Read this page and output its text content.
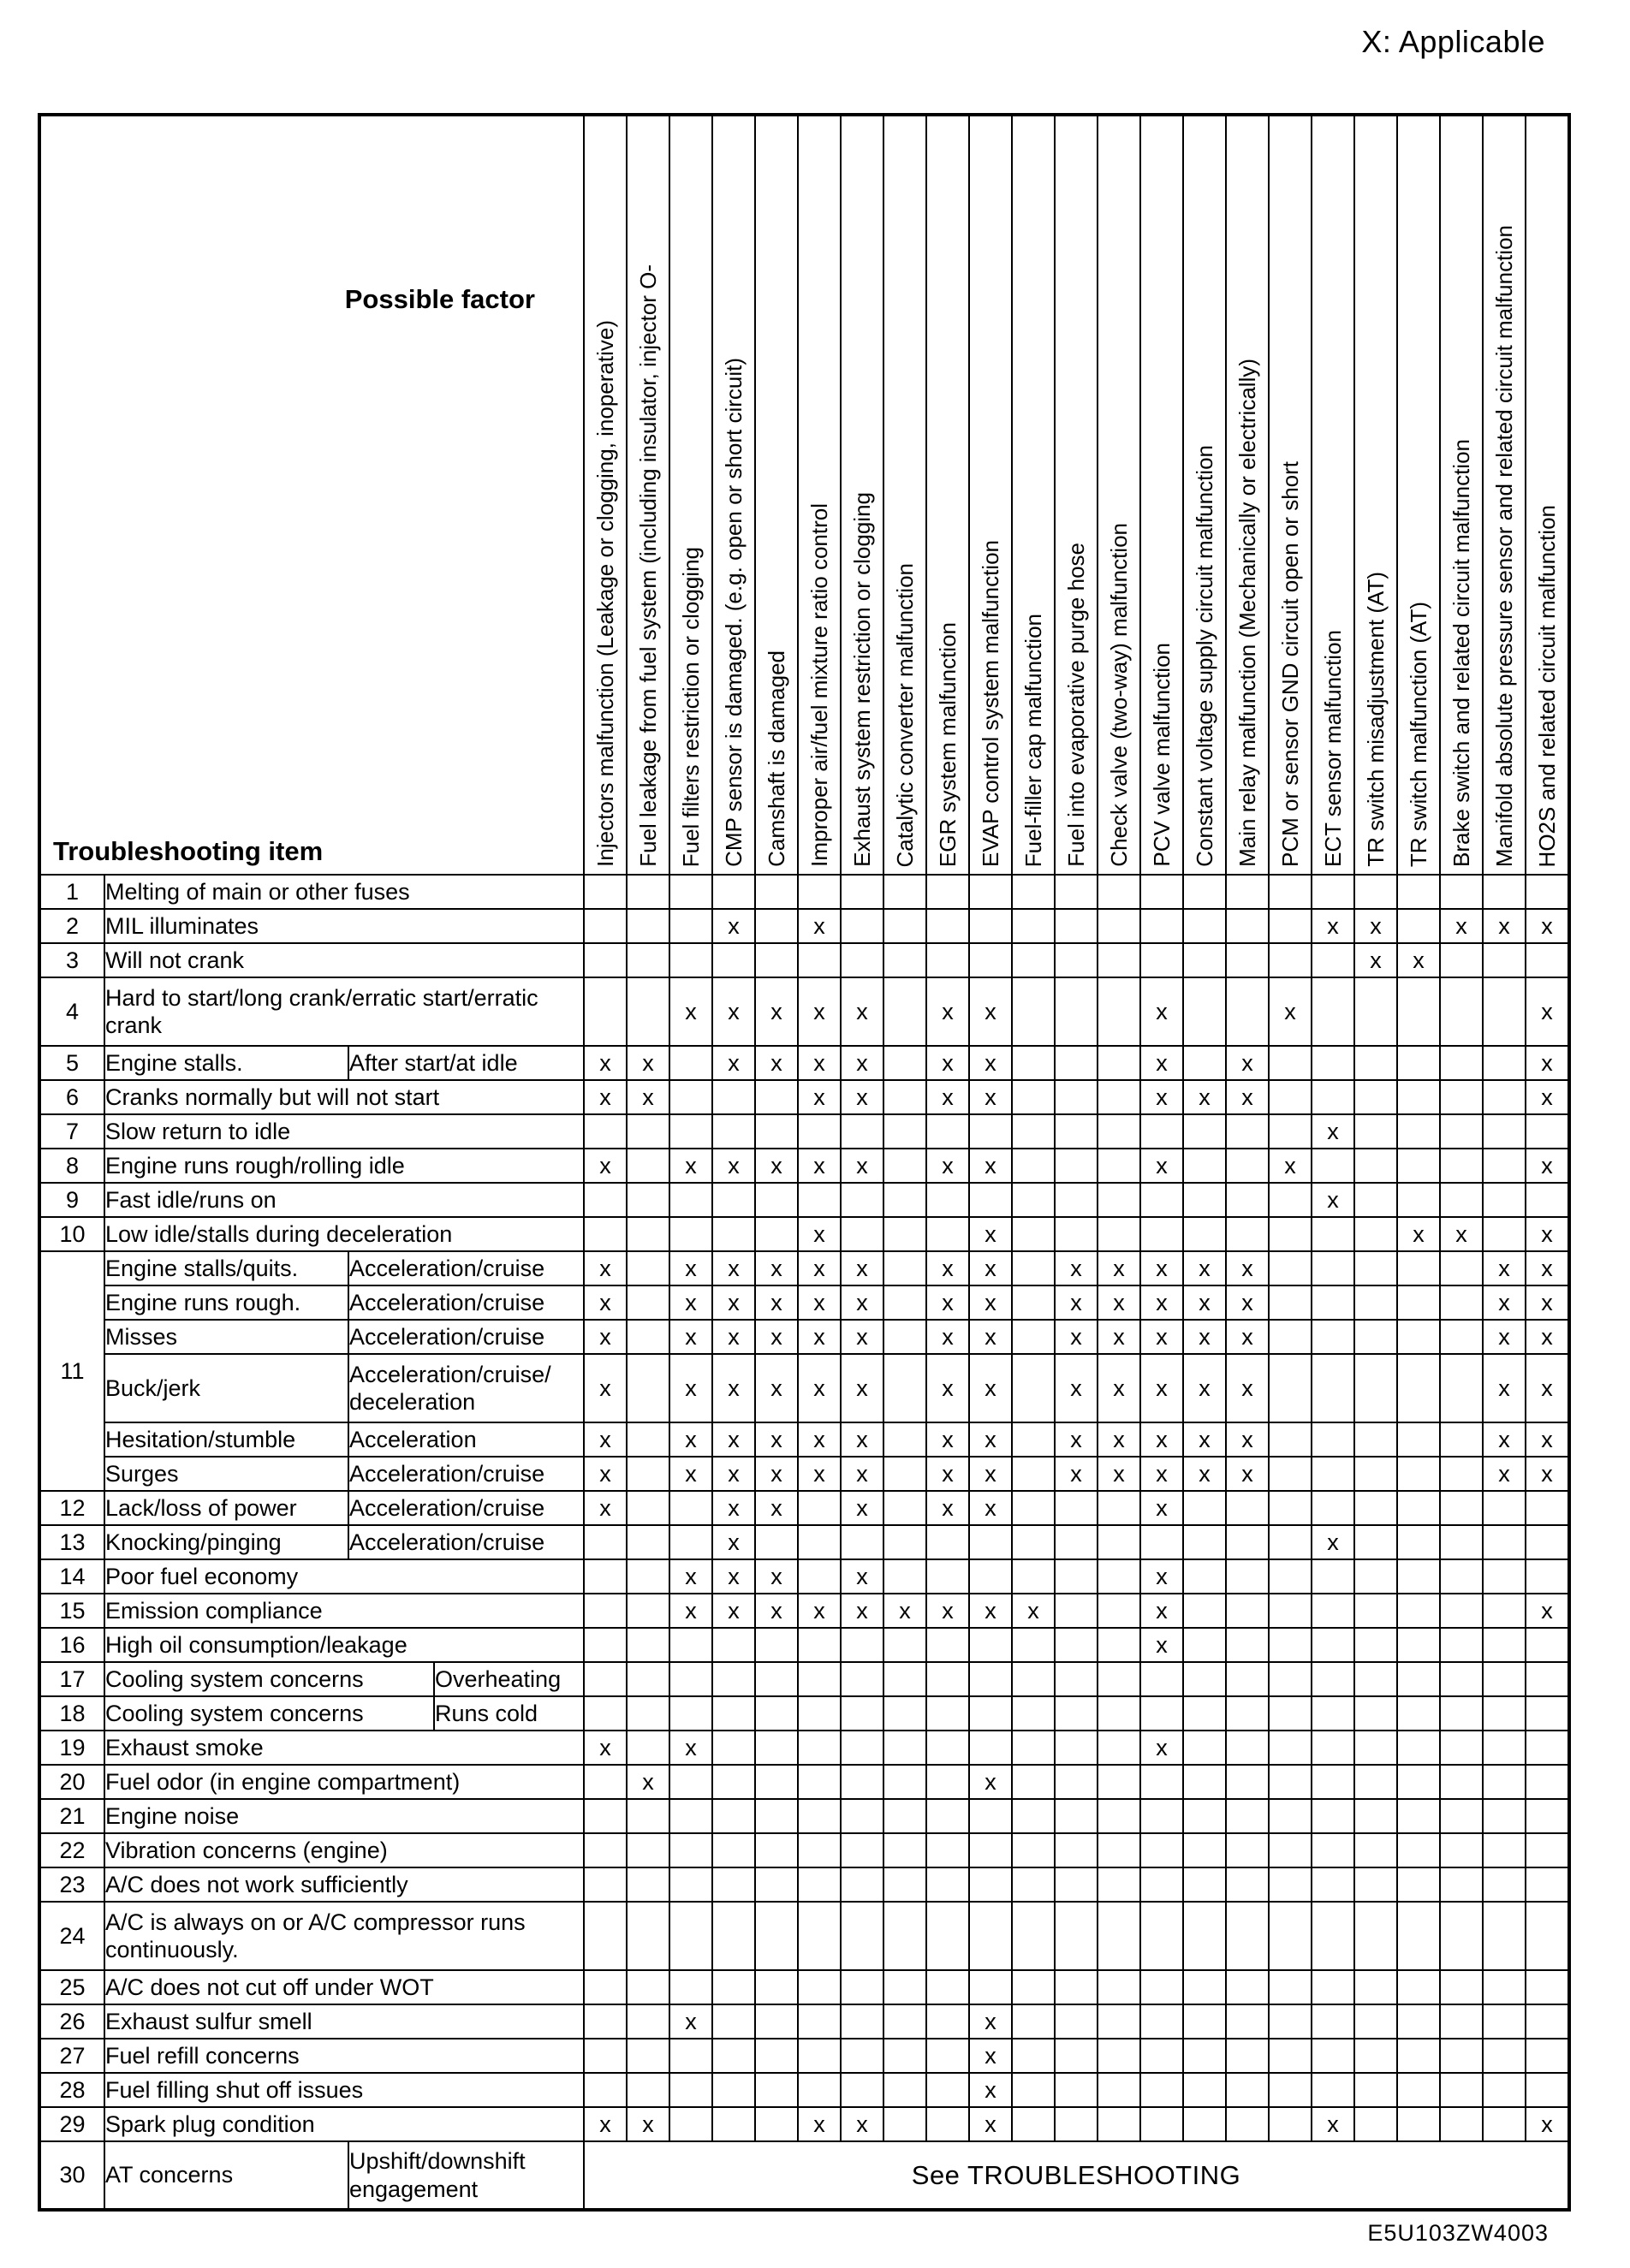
X: Applicable
Possible factor
Troubleshooting item				Injectors malfunction (Leakage or clogging, inoperative)	Fuel leakage from fuel system (including insulator, injector O-	Fuel filters restriction or clogging	CMP sensor is damaged. (e.g. open or short circuit)	Camshaft is damaged	Improper air/fuel mixture ratio control	Exhaust system restriction or clogging	Catalytic converter malfunction	EGR system malfunction	EVAP control system malfunction	Fuel-filler cap malfunction	Fuel into evaporative purge hose	Check valve (two-way) malfunction	PCV valve malfunction	Constant voltage supply circuit malfunction	Main relay malfunction (Mechanically or electrically)	PCM or sensor GND circuit open or short	ECT sensor malfunction	TR switch misadjustment (AT)	TR switch malfunction (AT)	Brake switch and related circuit malfunction	Manifold absolute pressure sensor and related circuit malfunction	HO2S and related circuit malfunction

1	Melting of main or other fuses																									
2	MIL illuminates						x		x												x	x		x	x	x
3	Will not crank																					x	x			
4	Hard to start/long crank/erratic start/erratic crank					x	x	x	x	x		x	x				x			x						x
5	Engine stalls.	After start/​at idle		x	x		x	x	x	x		x	x				x		x							x
6	Cranks normally but will not start			x	x				x	x		x	x				x	x	x							x
7	Slow return to idle																				x					
8	Engine runs rough/rolling idle			x		x	x	x	x	x		x	x				x			x						x
9	Fast idle/runs on																				x					
10	Low idle/stalls during deceleration								x				x										x	x		x
11	Engine stalls/quits.	Acceleration/​cruise		x		x	x	x	x	x		x	x		x	x	x	x	x						x	x
	Engine runs rough.	Acceleration/​cruise		x		x	x	x	x	x		x	x		x	x	x	x	x						x	x
	Misses	Acceleration/​cruise		x		x	x	x	x	x		x	x		x	x	x	x	x						x	x
	Buck/jerk	Acceleration/​cruise/​deceleration		x		x	x	x	x	x		x	x		x	x	x	x	x						x	x
	Hesitation/stumble	Acceleration		x		x	x	x	x	x		x	x		x	x	x	x	x						x	x
	Surges	Acceleration/​cruise		x		x	x	x	x	x		x	x		x	x	x	x	x						x	x
12	Lack/loss of power	Acceleration/​cruise		x			x	x		x		x	x				x									
13	Knocking/pinging	Acceleration/​cruise					x														x					
14	Poor fuel economy					x	x	x		x							x									
15	Emission compliance					x	x	x	x	x	x	x	x	x			x									x
16	High oil consumption/leakage																x									
17	Cooling system concerns		Overheating																							
18	Cooling system concerns		Runs cold																							
19	Exhaust smoke			x		x											x									
20	Fuel odor (in engine compartment)				x								x													
21	Engine noise																									
22	Vibration concerns (engine)																									
23	A/C does not work sufficiently																									
24	A/C is always on or A/C compressor runs continuously.																									
25	A/C does not cut off under WOT																									
26	Exhaust sulfur smell					x							x													
27	Fuel refill concerns												x													
28	Fuel filling shut off issues												x													
29	Spark plug condition			x	x				x	x			x								x					x
30	AT concerns	Upshift/​downshift engagement		See TROUBLESHOOTING																						
E5U103ZW4003
